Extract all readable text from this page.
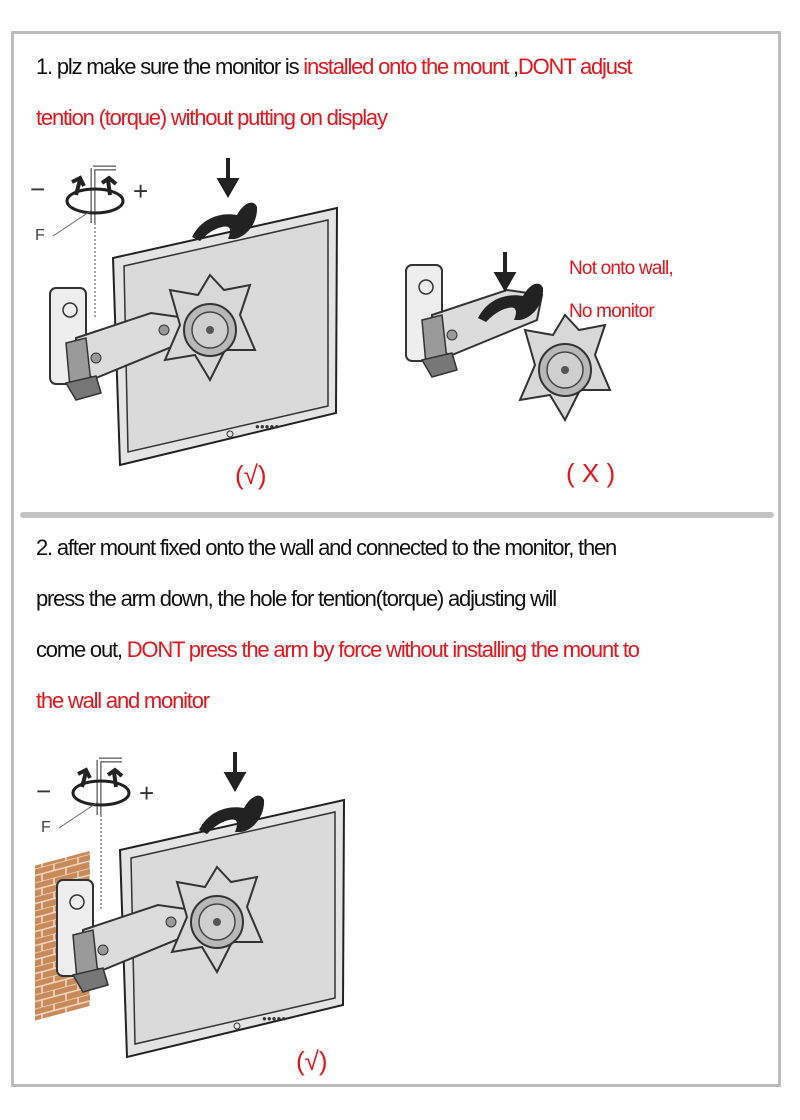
1. plz make sure the monitor is installed onto the mount ,DONT adjust
tention (torque) without putting on display
2. after mount fixed onto the wall and connected to the monitor, then
press the arm down, the hole for tention(torque) adjusting will
come out, DONT press the arm by force without installing the mount to
the wall and monitor
−	+
F
●●●●●
−	+
F
●●●●●
Not onto wall,
No monitor
(√)	( X )
(√)
